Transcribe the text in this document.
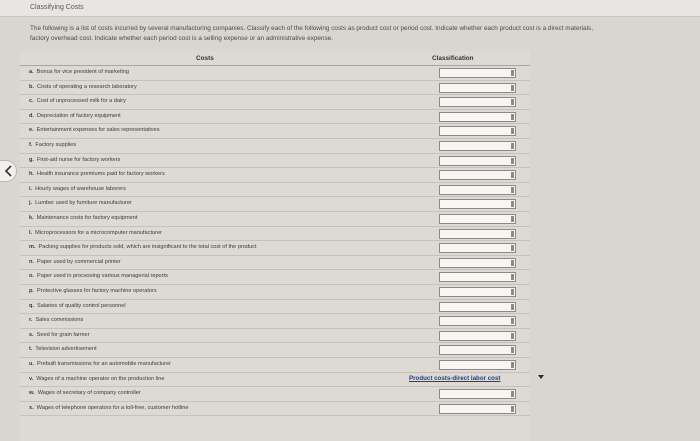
Classifying Costs
The following is a list of costs incurred by several manufacturing companies. Classify each of the following costs as product cost or period cost. Indicate whether each product cost is a direct materials,
factory overhead cost. Indicate whether each period cost is a selling expense or an administrative expense.
Costs	Classification
a. Bonus for vice president of marketing
b. Costs of operating a research laboratory
c. Cost of unprocessed milk for a dairy
d. Depreciation of factory equipment
e. Entertainment expenses for sales representatives
f. Factory supplies
g. First-aid nurse for factory workers
h. Health insurance premiums paid for factory workers
i. Hourly wages of warehouse laborers
j. Lumber used by furniture manufacturer
k. Maintenance costs for factory equipment
l. Microprocessors for a microcomputer manufacturer
m. Packing supplies for products sold, which are insignificant to the total cost of the product
n. Paper used by commercial printer
o. Paper used in processing various managerial reports
p. Protective glasses for factory machine operators
q. Salaries of quality control personnel
r. Sales commissions
s. Seed for grain farmer
t. Television advertisement
u. Prebuilt transmissions for an automobile manufacturer
v. Wages of a machine operator on the production line	Product costs-direct labor cost
w. Wages of secretary of company controller
x. Wages of telephone operators for a toll-free, customer hotline
